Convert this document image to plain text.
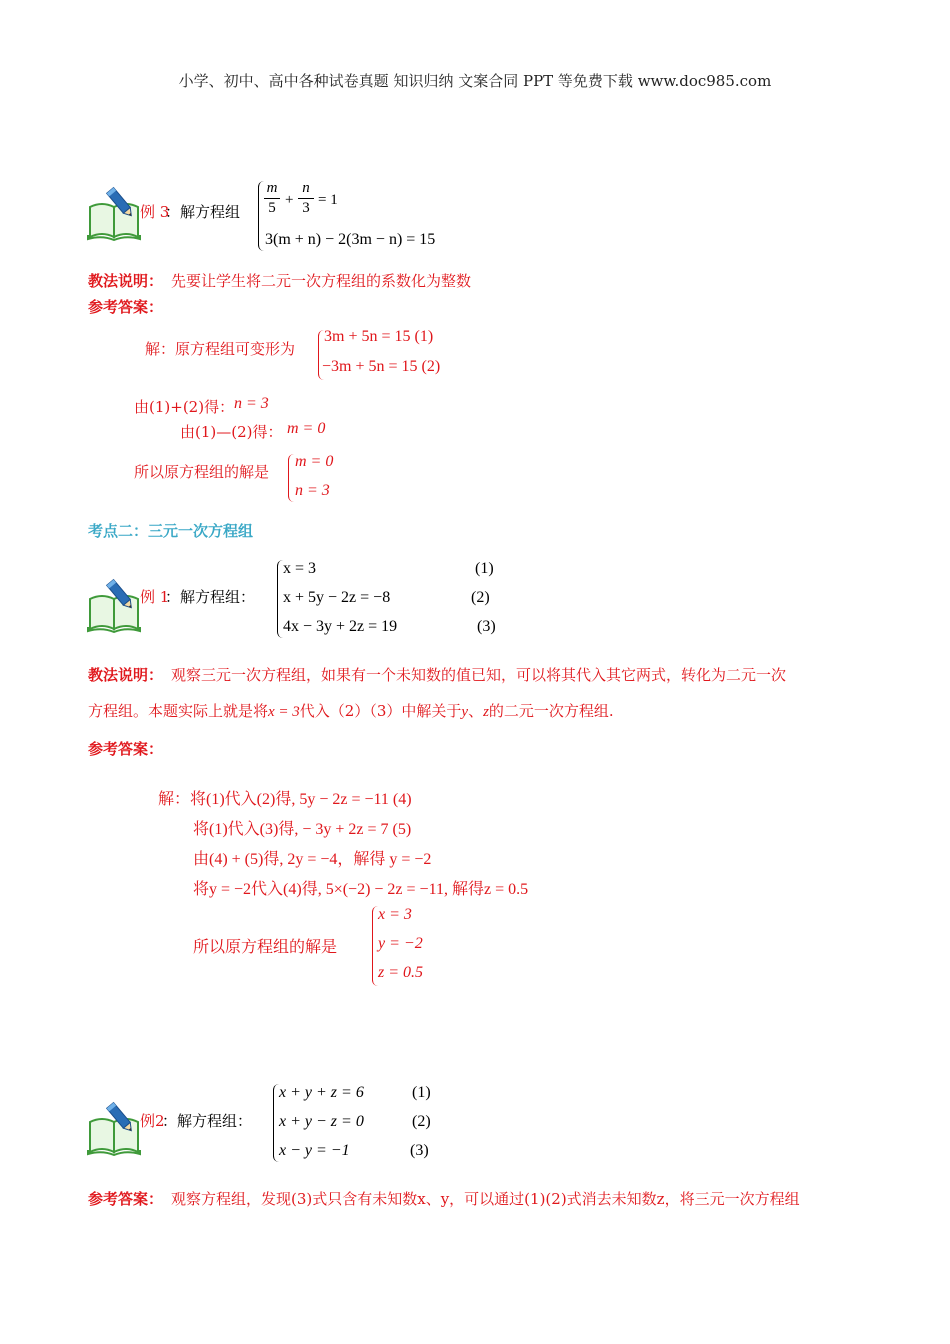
小学、初中、高中各种试卷真题 知识归纳 文案合同 PPT 等免费下载 www.doc985.com
例 3
：解方程组
m
5 +
n
3 = 1
3(m + n) − 2(3m − n) = 15
教法说明： 先要让学生将二元一次方程组的系数化为整数
参考答案：
解：原方程组可变形为
3m + 5n = 15 (1)
−3m + 5n = 15 (2)
由(1)+(2)得： n = 3
由(1)—(2)得： m = 0
所以原方程组的解是
m = 0
n = 3
考点二：三元一次方程组
例 1
：解方程组：
x = 3	(1)
x + 5y − 2z = −8	(2)
4x − 3y + 2z = 19	(3)
教法说明： 观察三元一次方程组，如果有一个未知数的值已知，可以将其代入其它两式，转化为二元一次
方程组。本题实际上就是将x = 3代入（2）（3）中解关于y、z的二元一次方程组.
参考答案：
解：将(1)代入(2)得, 5y − 2z = −11 (4)
将(1)代入(3)得, − 3y + 2z = 7 (5)
由(4) + (5)得, 2y = −4，解得 y = −2
将y = −2代入(4)得, 5×(−2) − 2z = −11, 解得z = 0.5
所以原方程组的解是
x = 3
y = −2
z = 0.5
例2
：解方程组：
x + y + z = 6	(1)
x + y − z = 0	(2)
x − y = −1	(3)
参考答案： 观察方程组，发现(3)式只含有未知数x、y，可以通过(1)(2)式消去未知数z，将三元一次方程组
